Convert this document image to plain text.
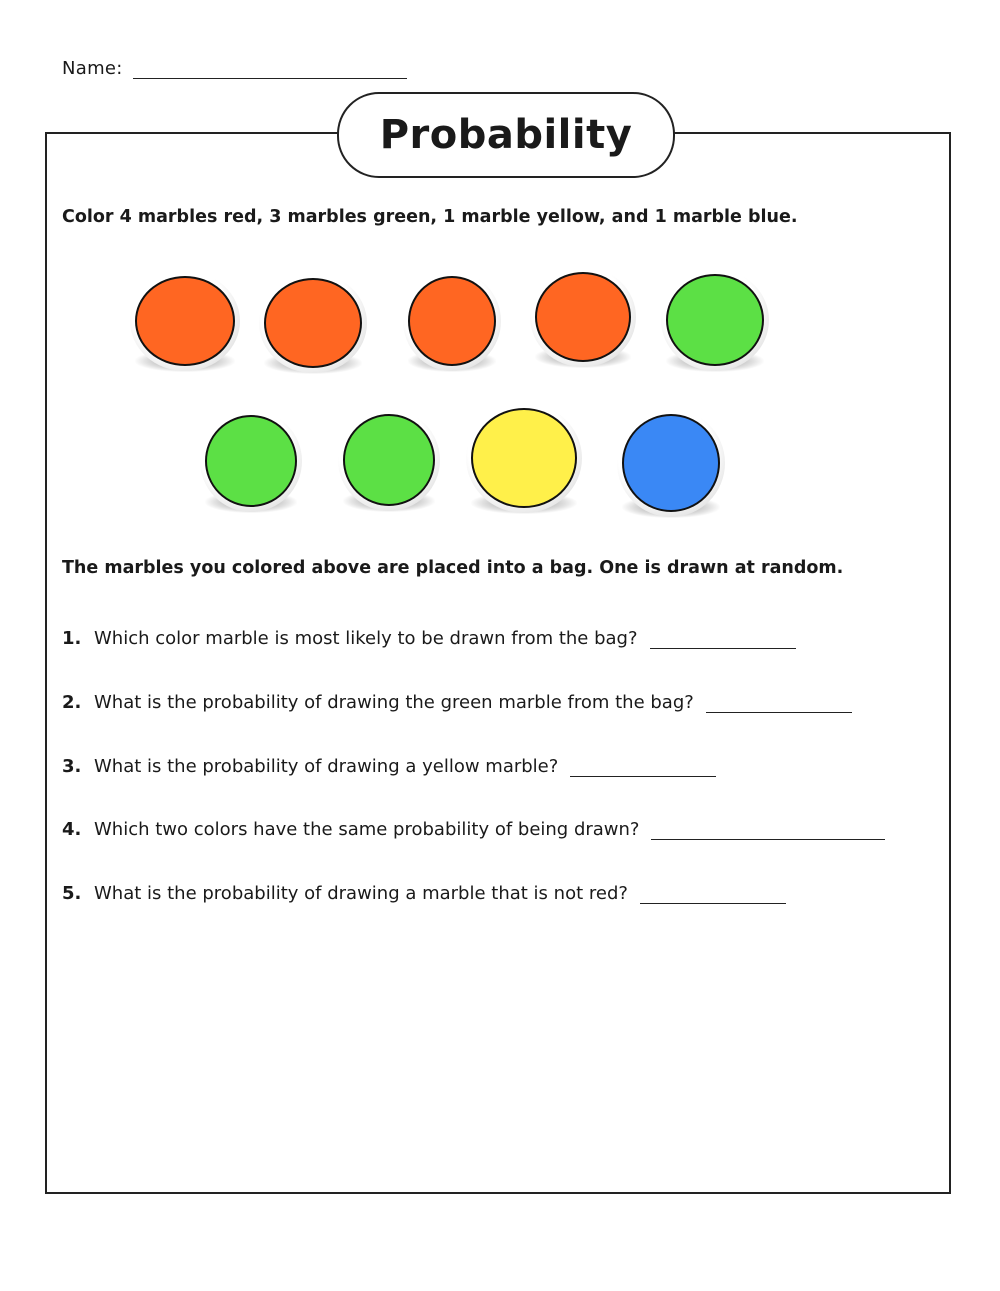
Name:
Probability
Color 4 marbles red, 3 marbles green, 1 marble yellow, and 1 marble blue.
The marbles you colored above are placed into a bag. One is drawn at random.
1. Which color marble is most likely to be drawn from the bag?
2. What is the probability of drawing the green marble from the bag?
3. What is the probability of drawing a yellow marble?
4. Which two colors have the same probability of being drawn?
5. What is the probability of drawing a marble that is not red?
